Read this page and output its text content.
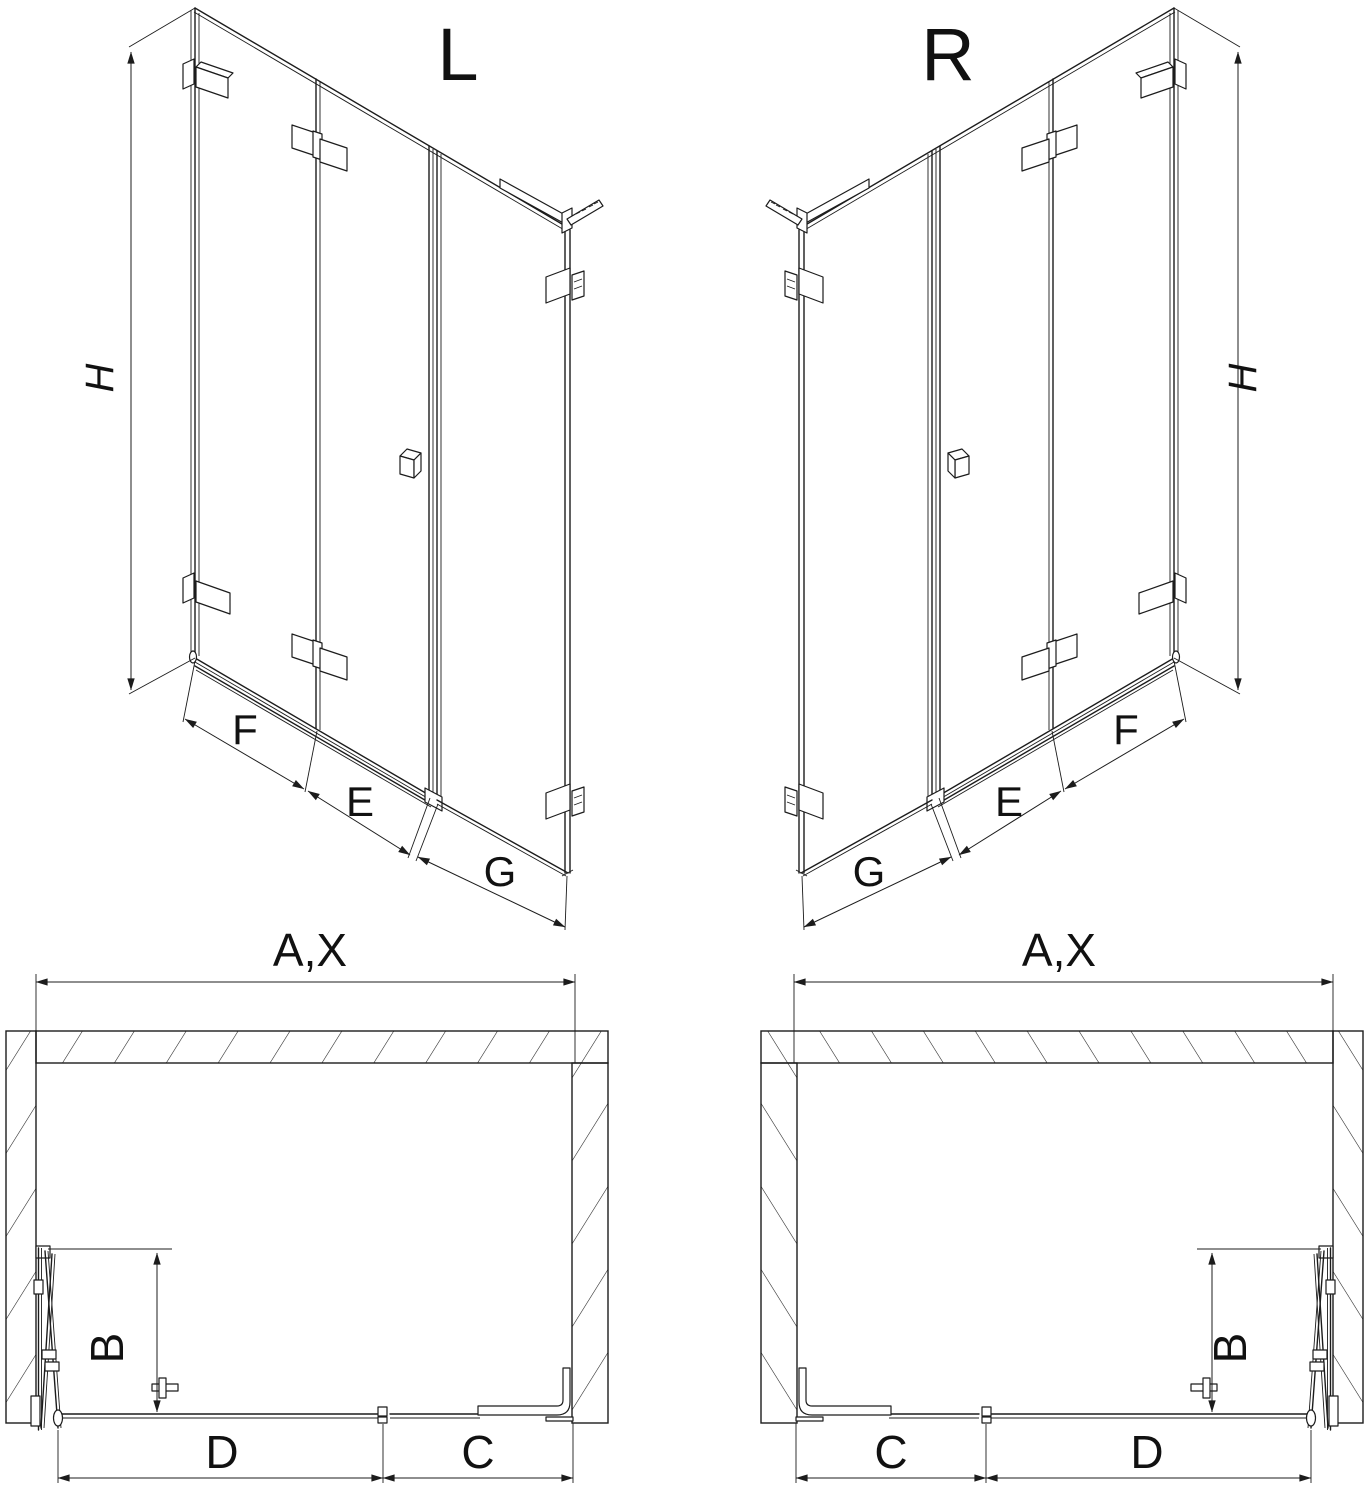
L	R
H	H
F
E
G
F
E
G
A,X	A,X
B	B
D	C	C	D
